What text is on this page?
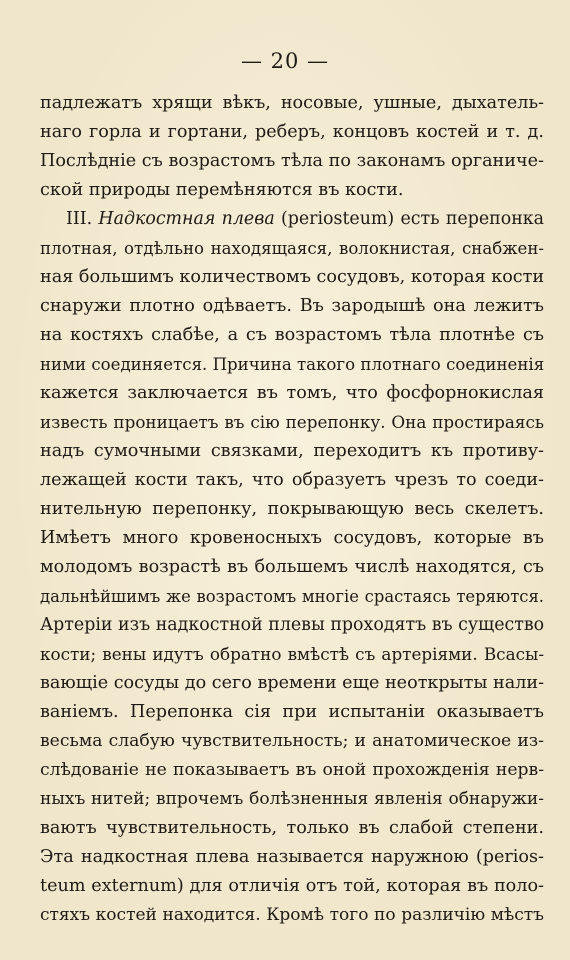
— 20 —
падлежатъ хрящи вѣкъ, носовые, ушные, дыхатель-
наго горла и гортани, реберъ, концовъ костей и т. д.
Послѣдніе съ возрастомъ тѣла по законамъ органиче-
ской природы перемѣняются въ кости.
III. Надкостная плева (periosteum) есть перепонка
плотная, отдѣльно находящаяся, волокнистая, снабжен-
ная большимъ количествомъ сосудовъ, которая кости
снаружи плотно одѣваетъ. Въ зародышѣ она лежитъ
на костяхъ слабѣе, а съ возрастомъ тѣла плотнѣе съ
ними соединяется. Причина такого плотнаго соединенія
кажется заключается въ томъ, что фосфорнокислая
известь проницаетъ въ сію перепонку. Она простираясь
надъ сумочными связками, переходитъ къ противу-
лежащей кости такъ, что образуетъ чрезъ то соеди-
нительную перепонку, покрывающую весь скелетъ.
Имѣетъ много кровеносныхъ сосудовъ, которые въ
молодомъ возрастѣ въ большемъ числѣ находятся, съ
дальнѣйшимъ же возрастомъ многіе срастаясь теряются.
Артеріи изъ надкостной плевы проходятъ въ существо
кости; вены идутъ обратно вмѣстѣ съ артеріями. Всасы-
вающіе сосуды до сего времени еще неоткрыты нали-
ваніемъ. Перепонка сія при испытаніи оказываетъ
весьма слабую чувствительность; и анатомическое из-
слѣдованіе не показываетъ въ оной прохожденія нерв-
ныхъ нитей; впрочемъ болѣзненныя явленія обнаружи-
ваютъ чувствительность, только въ слабой степени.
Эта надкостная плева называется наружною (perios-
teum externum) для отличія отъ той, которая въ поло-
стяхъ костей находится. Кромѣ того по различію мѣстъ
